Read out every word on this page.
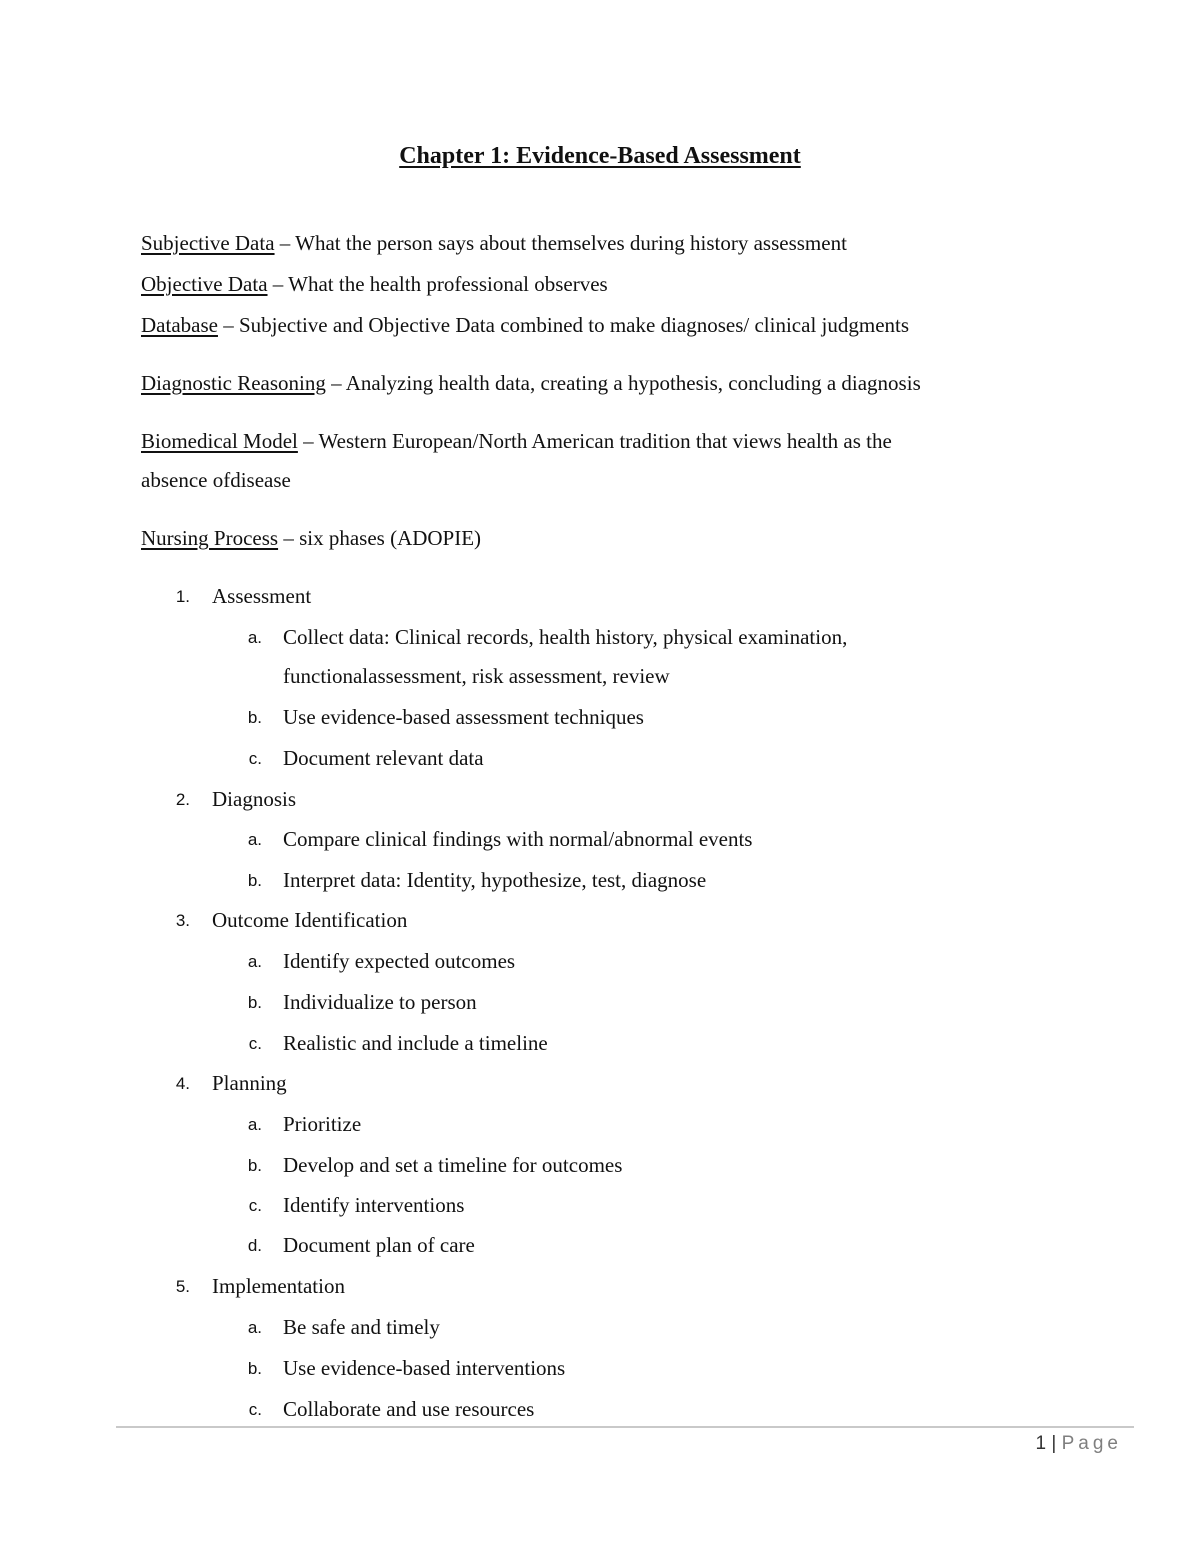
Chapter 1: Evidence-Based Assessment
Subjective Data – What the person says about themselves during history assessment
Objective Data – What the health professional observes
Database – Subjective and Objective Data combined to make diagnoses/ clinical judgments
Diagnostic Reasoning – Analyzing health data, creating a hypothesis, concluding a diagnosis
Biomedical Model – Western European/North American tradition that views health as the
absence ofdisease
Nursing Process – six phases (ADOPIE)
1. Assessment
a. Collect data: Clinical records, health history, physical examination,
functionalassessment, risk assessment, review
b. Use evidence-based assessment techniques
c. Document relevant data
2. Diagnosis
a. Compare clinical findings with normal/abnormal events
b. Interpret data: Identity, hypothesize, test, diagnose
3. Outcome Identification
a. Identify expected outcomes
b. Individualize to person
c. Realistic and include a timeline
4. Planning
a. Prioritize
b. Develop and set a timeline for outcomes
c. Identify interventions
d. Document plan of care
5. Implementation
a. Be safe and timely
b. Use evidence-based interventions
c. Collaborate and use resources
1 | Page
